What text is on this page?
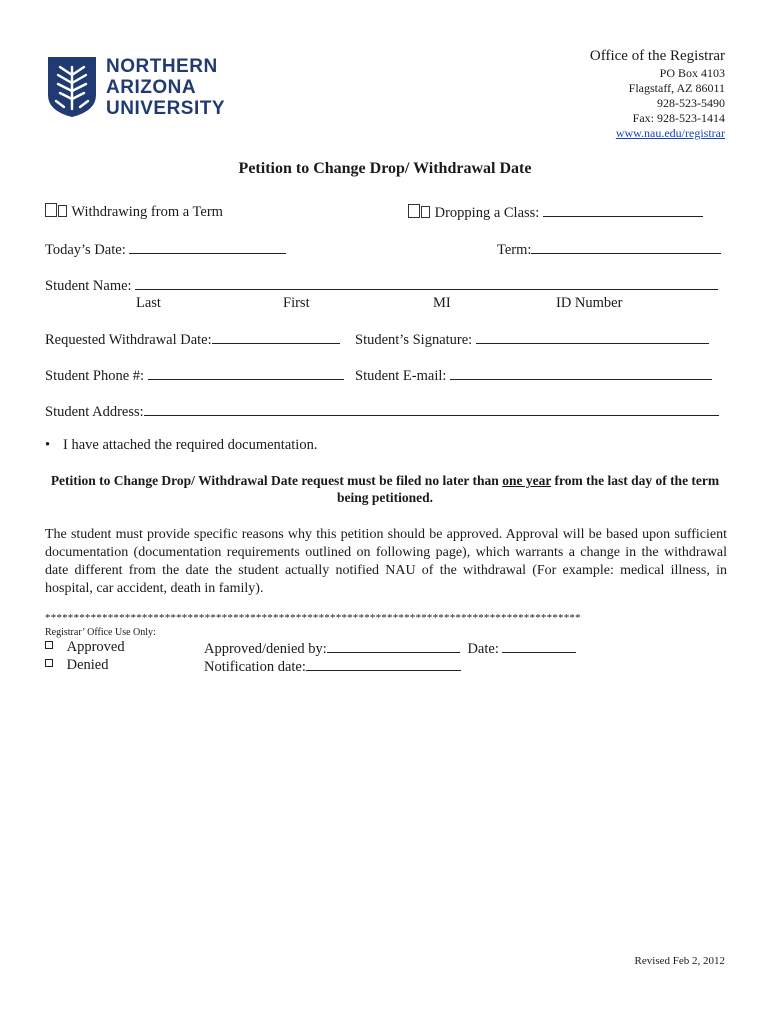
NORTHERN
ARIZONA
UNIVERSITY
Office of the Registrar
PO Box 4103
Flagstaff, AZ 86011
928-523-5490
Fax: 928-523-1414
www.nau.edu/registrar
Petition to Change Drop/ Withdrawal Date
Withdrawing from a Term	Dropping a Class:
Today’s Date:	Term:
Student Name:
Last	First	MI	ID Number
Requested Withdrawal Date:	Student’s Signature:
Student Phone #:	Student E-mail:
Student Address:
• I have attached the required documentation.
Petition to Change Drop/ Withdrawal Date request must be filed no later than one year from the last day of the term being petitioned.
The student must provide specific reasons why this petition should be approved. Approval will be based upon sufficient documentation (documentation requirements outlined on following page), which warrants a change in the withdrawal date different from the date the student actually notified NAU of the withdrawal (For example: medical illness, in hospital, car accident, death in family).
**********************************************************************************************
Registrar’ Office Use Only:
Approved
Denied
Approved/denied by:	Date:
Notification date:
Revised Feb 2, 2012
